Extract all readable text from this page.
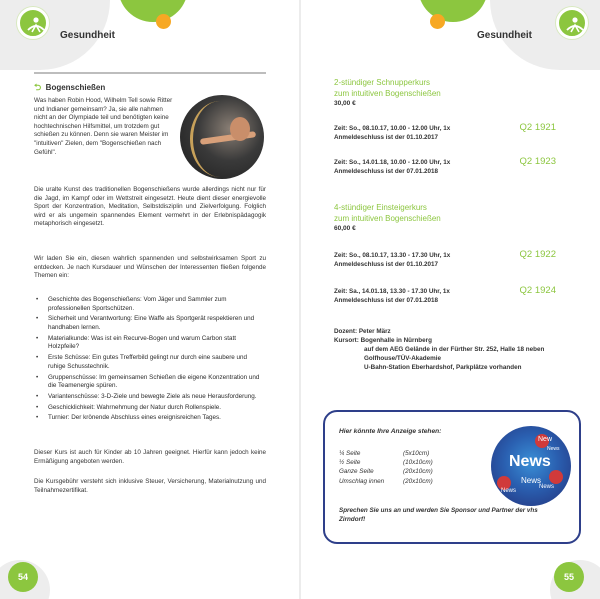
Gesundheit
54
⮌ Bogenschießen

Was haben Robin Hood, Wilhelm Tell sowie Ritter und Indianer gemeinsam? Ja, sie alle nahmen nicht an der Olympiade teil und benötigten keine hochtechnischen Hilfsmittel, um trotzdem gut schießen zu können. Denn sie waren Meister im "intuitiven" Zielen, dem "Bogenschießen nach Gefühl".

Die uralte Kunst des traditionellen Bogenschießens wurde allerdings nicht nur für die Jagd, im Kampf oder im Wettstreit eingesetzt. Heute dient dieser energievolle Sport der Konzentration, Meditation, Selbstdisziplin und Zielverfolgung. Folglich wird er als ungemein spannendes Element vermehrt in der Erlebnispädagogik metaphorisch eingesetzt.

Wir laden Sie ein, diesen wahrlich spannenden und selbstwirksamen Sport zu entdecken. Je nach Kursdauer und Wünschen der Interessenten fließen folgende Themen ein:

• Geschichte des Bogenschießens: Vom Jäger und Sammler zum professionellen Sportschützen.
• Sicherheit und Verantwortung: Eine Waffe als Sportgerät respektieren und handhaben lernen.
• Materialkunde: Was ist ein Recurve-Bogen und warum Carbon statt Holzpfeile?
• Erste Schüsse: Ein gutes Trefferbild gelingt nur durch eine saubere und ruhige Schusstechnik.
• Gruppenschüsse: Im gemeinsamen Schießen die eigene Konzentration und die Teamenergie spüren.
• Variantenschüsse: 3-D-Ziele und bewegte Ziele als neue Herausforderung.
• Geschicklichkeit: Wahrnehmung der Natur durch Rollenspiele.
• Turnier: Der krönende Abschluss eines ereignisreichen Tages.

Dieser Kurs ist auch für Kinder ab 10 Jahren geeignet. Hierfür kann jedoch keine Ermäßigung angeboten werden.

Die Kursgebühr versteht sich inklusive Steuer, Versicherung, Materialnutzung und Teilnahmezertifikat.

Gesundheit
55
2-stündiger Schnupperkurs
zum intuitiven Bogenschießen
30,00 €
Zeit: So., 08.10.17, 10.00 - 12.00 Uhr, 1x
Anmeldeschluss ist der 01.10.2017
Q2 1921
Zeit: So., 14.01.18, 10.00 - 12.00 Uhr, 1x
Anmeldeschluss ist der 07.01.2018
Q2 1923
4-stündiger Einsteigerkurs
zum intuitiven Bogenschießen
60,00 €
Zeit: So., 08.10.17, 13.30 - 17.30 Uhr, 1x
Anmeldeschluss ist der 01.10.2017
Q2 1922
Zeit: Sa., 14.01.18, 13.30 - 17.30 Uhr, 1x
Anmeldeschluss ist der 07.01.2018
Q2 1924
Dozent: Peter März
Kursort: Bogenhalle in Nürnberg
auf dem AEG Gelände in der Fürther Str. 252, Halle 18 neben
Golfhouse/TÜV-Akademie
U-Bahn-Station Eberhardshof, Parkplätze vorhanden
Hier könnte Ihre Anzeige stehen:
¼ Seite	(5x10cm)
½ Seite	(10x10cm)
Ganze Seite	(20x10cm)
Umschlag innen	(20x10cm)
Sprechen Sie uns an und werden Sie Sponsor und Partner der vhs Zirndorf!
News
New
News
News
News
News
